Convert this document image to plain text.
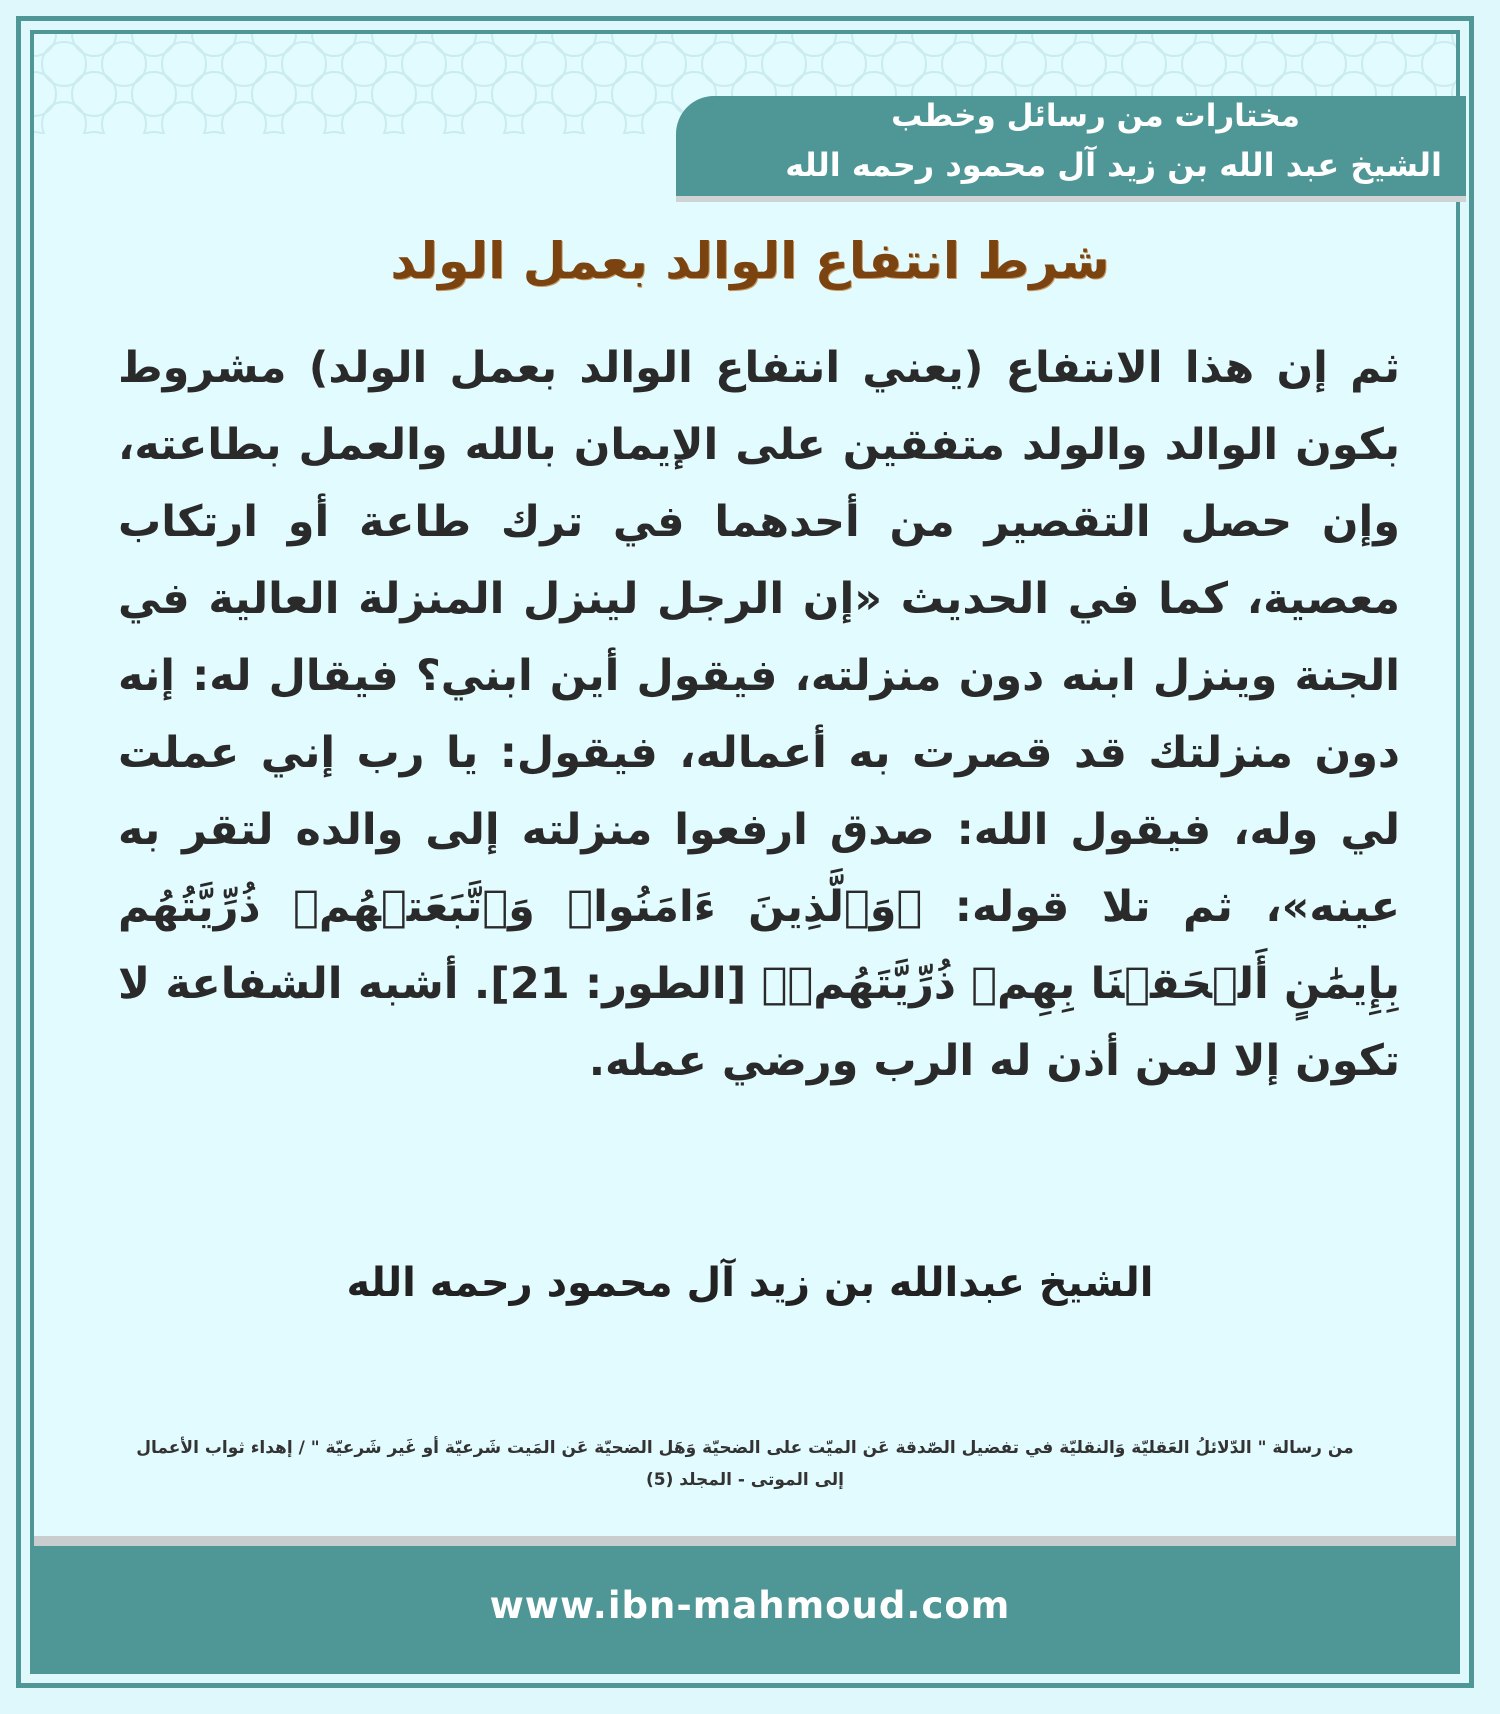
مختارات من رسائل وخطب
الشيخ عبد الله بن زيد آل محمود رحمه الله
شرط انتفاع الوالد بعمل الولد

ثم إن هذا الانتفاع (يعني انتفاع الوالد بعمل الولد) مشروط بكون الوالد والولد متفقين على الإيمان بالله والعمل بطاعته، وإن حصل التقصير من أحدهما في ترك طاعة أو ارتكاب معصية، كما في الحديث «إن الرجل لينزل المنزلة العالية في الجنة وينزل ابنه دون منزلته، فيقول أين ابني؟ فيقال له: إنه دون منزلتك قد قصرت به أعماله، فيقول: يا رب إني عملت لي وله، فيقول الله: صدق ارفعوا منزلته إلى والده لتقر به عينه»، ثم تلا قوله: ﴿وَٱلَّذِينَ ءَامَنُوا۟ وَٱتَّبَعَتۡهُمۡ ذُرِّيَّتُهُم بِإِيمَٰنٍ أَلۡحَقۡنَا بِهِمۡ ذُرِّيَّتَهُمۡ﴾ [الطور: 21]. أشبه الشفاعة لا تكون إلا لمن أذن له الرب ورضي عمله.

الشيخ عبدالله بن زيد آل محمود رحمه الله
من رسالة " الدّلائلُ العَقليّة وَالنقليّة في تفضيل الصّدقة عَن الميّت على الضحيّة وَهَل الضحيّة عَن المَيت شَرعيّة أو غَير شَرعيّة " / إهداء ثواب الأعمال إلى الموتى - المجلد (5)
www.ibn-mahmoud.com
